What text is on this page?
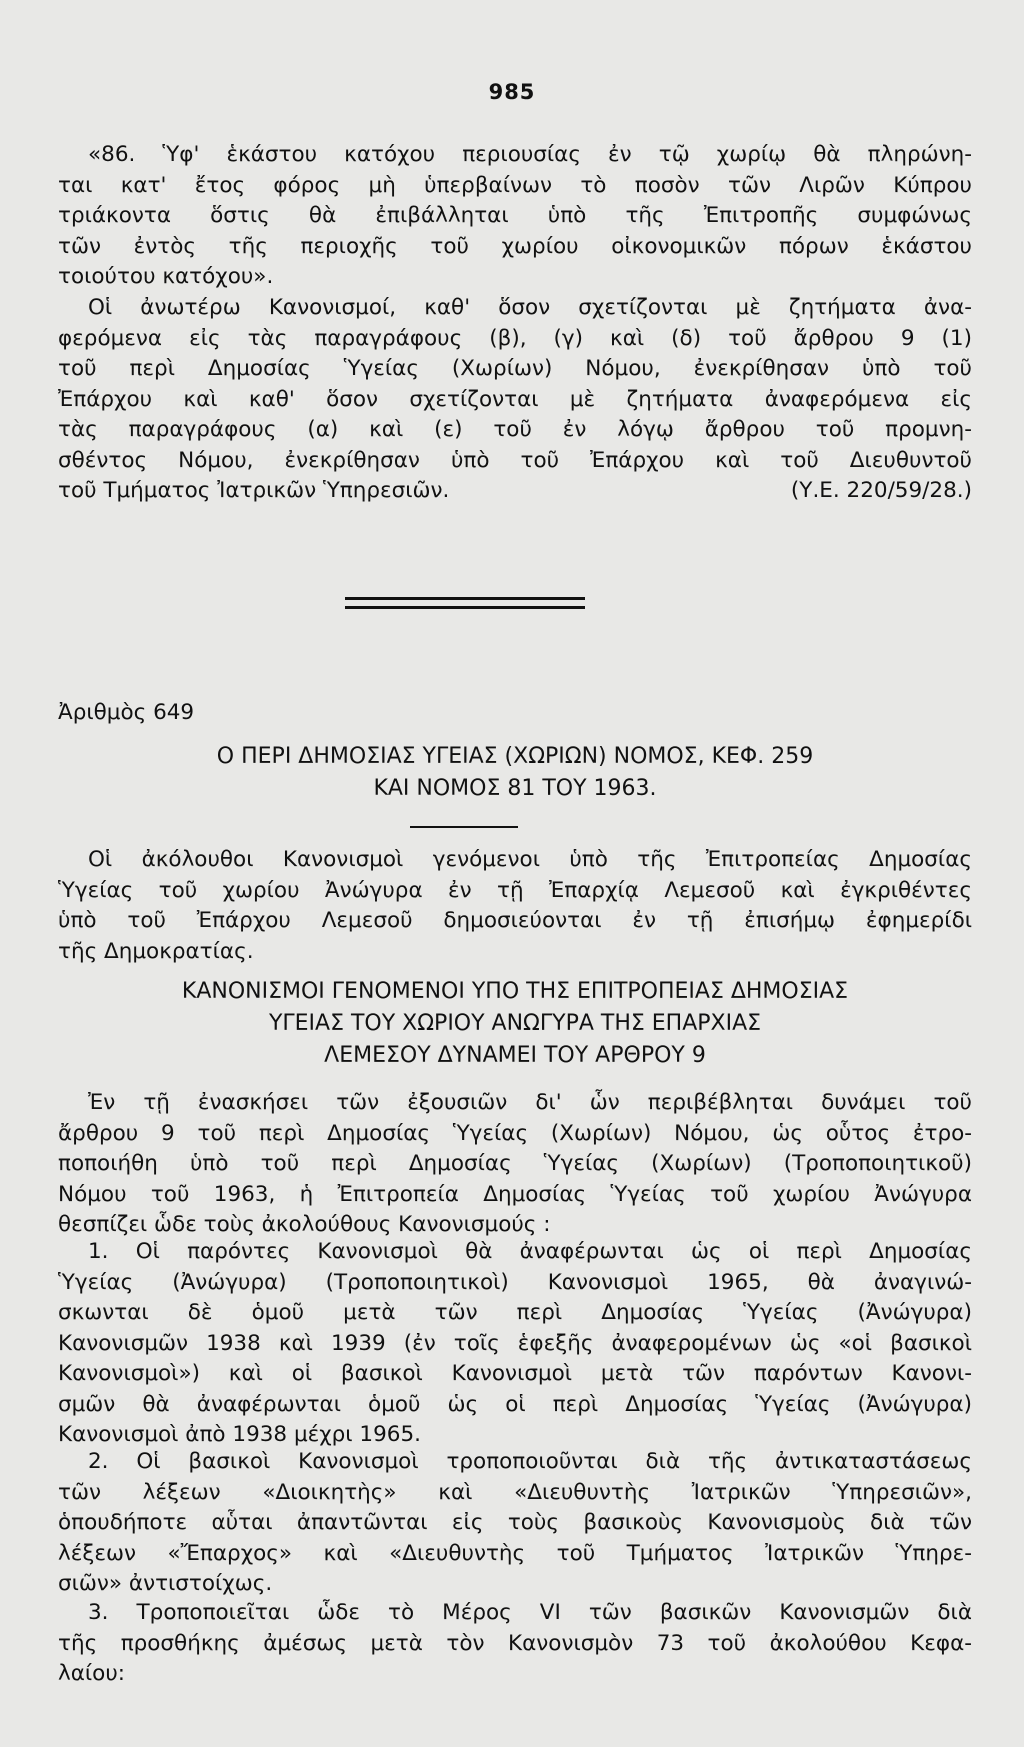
985
«86. Ὑφ' ἑκάστου κατόχου περιουσίας ἐν τῷ χωρίῳ θὰ πληρώνη-
ται κατ' ἔτος φόρος μὴ ὑπερβαίνων τὸ ποσὸν τῶν Λιρῶν Κύπρου
τριάκοντα ὅστις θὰ ἐπιβάλληται ὑπὸ τῆς Ἐπιτροπῆς συμφώνως
τῶν ἐντὸς τῆς περιοχῆς τοῦ χωρίου οἰκονομικῶν πόρων ἑκάστου
τοιούτου κατόχου».
Οἱ ἀνωτέρω Κανονισμοί, καθ' ὅσον σχετίζονται μὲ ζητήματα ἀνα-
φερόμενα εἰς τὰς παραγράφους (β), (γ) καὶ (δ) τοῦ ἄρθρου 9 (1)
τοῦ περὶ Δημοσίας Ὑγείας (Χωρίων) Νόμου, ἐνεκρίθησαν ὑπὸ τοῦ
Ἐπάρχου καὶ καθ' ὅσον σχετίζονται μὲ ζητήματα ἀναφερόμενα εἰς
τὰς παραγράφους (α) καὶ (ε) τοῦ ἐν λόγῳ ἄρθρου τοῦ προμνη-
σθέντος Νόμου, ἐνεκρίθησαν ὑπὸ τοῦ Ἐπάρχου καὶ τοῦ Διευθυντοῦ
τοῦ Τμήματος Ἰατρικῶν Ὑπηρεσιῶν.	(Υ.Ε. 220/59/28.)
Ἀριθμὸς 649
Ο ΠΕΡΙ ΔΗΜΟΣΙΑΣ ΥΓΕΙΑΣ (ΧΩΡΙΩΝ) ΝΟΜΟΣ, ΚΕΦ. 259
ΚΑΙ ΝΟΜΟΣ 81 ΤΟΥ 1963.
Οἱ ἀκόλουθοι Κανονισμοὶ γενόμενοι ὑπὸ τῆς Ἐπιτροπείας Δημοσίας
Ὑγείας τοῦ χωρίου Ἀνώγυρα ἐν τῇ Ἐπαρχίᾳ Λεμεσοῦ καὶ ἐγκριθέντες
ὑπὸ τοῦ Ἐπάρχου Λεμεσοῦ δημοσιεύονται ἐν τῇ ἐπισήμῳ ἐφημερίδι
τῆς Δημοκρατίας.
ΚΑΝΟΝΙΣΜΟΙ ΓΕΝΟΜΕΝΟΙ ΥΠΟ ΤΗΣ ΕΠΙΤΡΟΠΕΙΑΣ ΔΗΜΟΣΙΑΣ
ΥΓΕΙΑΣ ΤΟΥ ΧΩΡΙΟΥ ΑΝΩΓΥΡΑ ΤΗΣ ΕΠΑΡΧΙΑΣ
ΛΕΜΕΣΟΥ ΔΥΝΑΜΕΙ ΤΟΥ ΑΡΘΡΟΥ 9
Ἐν τῇ ἐνασκήσει τῶν ἐξουσιῶν δι' ὧν περιβέβληται δυνάμει τοῦ
ἄρθρου 9 τοῦ περὶ Δημοσίας Ὑγείας (Χωρίων) Νόμου, ὡς οὗτος ἐτρο-
ποποιήθη ὑπὸ τοῦ περὶ Δημοσίας Ὑγείας (Χωρίων) (Τροποποιητικοῦ)
Νόμου τοῦ 1963, ἡ Ἐπιτροπεία Δημοσίας Ὑγείας τοῦ χωρίου Ἀνώγυρα
θεσπίζει ὧδε τοὺς ἀκολούθους Κανονισμούς :
1. Οἱ παρόντες Κανονισμοὶ θὰ ἀναφέρωνται ὡς οἱ περὶ Δημοσίας
Ὑγείας (Ἀνώγυρα) (Τροποποιητικοὶ) Κανονισμοὶ 1965, θὰ ἀναγινώ-
σκωνται δὲ ὁμοῦ μετὰ τῶν περὶ Δημοσίας Ὑγείας (Ἀνώγυρα)
Κανονισμῶν 1938 καὶ 1939 (ἐν τοῖς ἑφεξῆς ἀναφερομένων ὡς «οἱ βασικοὶ
Κανονισμοὶ») καὶ οἱ βασικοὶ Κανονισμοὶ μετὰ τῶν παρόντων Κανονι-
σμῶν θὰ ἀναφέρωνται ὁμοῦ ὡς οἱ περὶ Δημοσίας Ὑγείας (Ἀνώγυρα)
Κανονισμοὶ ἀπὸ 1938 μέχρι 1965.
2. Οἱ βασικοὶ Κανονισμοὶ τροποποιοῦνται διὰ τῆς ἀντικαταστάσεως
τῶν λέξεων «Διοικητὴς» καὶ «Διευθυντὴς Ἰατρικῶν Ὑπηρεσιῶν»,
ὁπουδήποτε αὗται ἀπαντῶνται εἰς τοὺς βασικοὺς Κανονισμοὺς διὰ τῶν
λέξεων «Ἔπαρχος» καὶ «Διευθυντὴς τοῦ Τμήματος Ἰατρικῶν Ὑπηρε-
σιῶν» ἀντιστοίχως.
3. Τροποποιεῖται ὧδε τὸ Μέρος VI τῶν βασικῶν Κανονισμῶν διὰ
τῆς προσθήκης ἀμέσως μετὰ τὸν Κανονισμὸν 73 τοῦ ἀκολούθου Κεφα-
λαίου:
